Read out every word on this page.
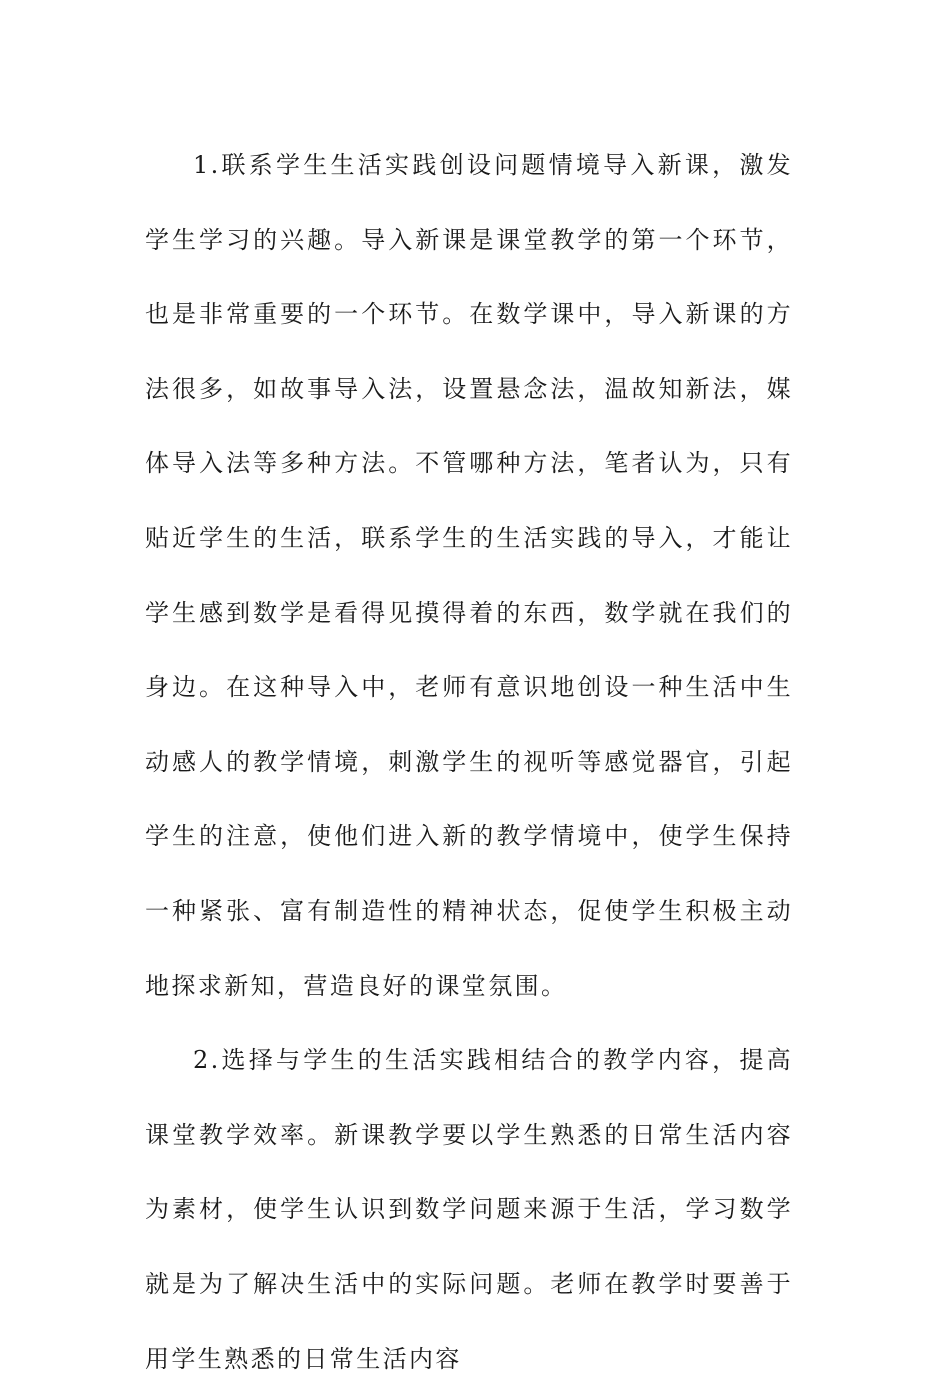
1.联系学生生活实践创设问题情境导入新课，激发学生学习的兴趣。导入新课是课堂教学的第一个环节，也是非常重要的一个环节。在数学课中，导入新课的方法很多，如故事导入法，设置悬念法，温故知新法，媒体导入法等多种方法。不管哪种方法，笔者认为，只有贴近学生的生活，联系学生的生活实践的导入，才能让学生感到数学是看得见摸得着的东西，数学就在我们的身边。在这种导入中，老师有意识地创设一种生活中生动感人的教学情境，刺激学生的视听等感觉器官，引起学生的注意，使他们进入新的教学情境中，使学生保持一种紧张、富有制造性的精神状态，促使学生积极主动地探求新知，营造良好的课堂氛围。

2.选择与学生的生活实践相结合的教学内容，提高课堂教学效率。新课教学要以学生熟悉的日常生活内容为素材，使学生认识到数学问题来源于生活，学习数学就是为了解决生活中的实际问题。老师在教学时要善于用学生熟悉的日常生活内容
